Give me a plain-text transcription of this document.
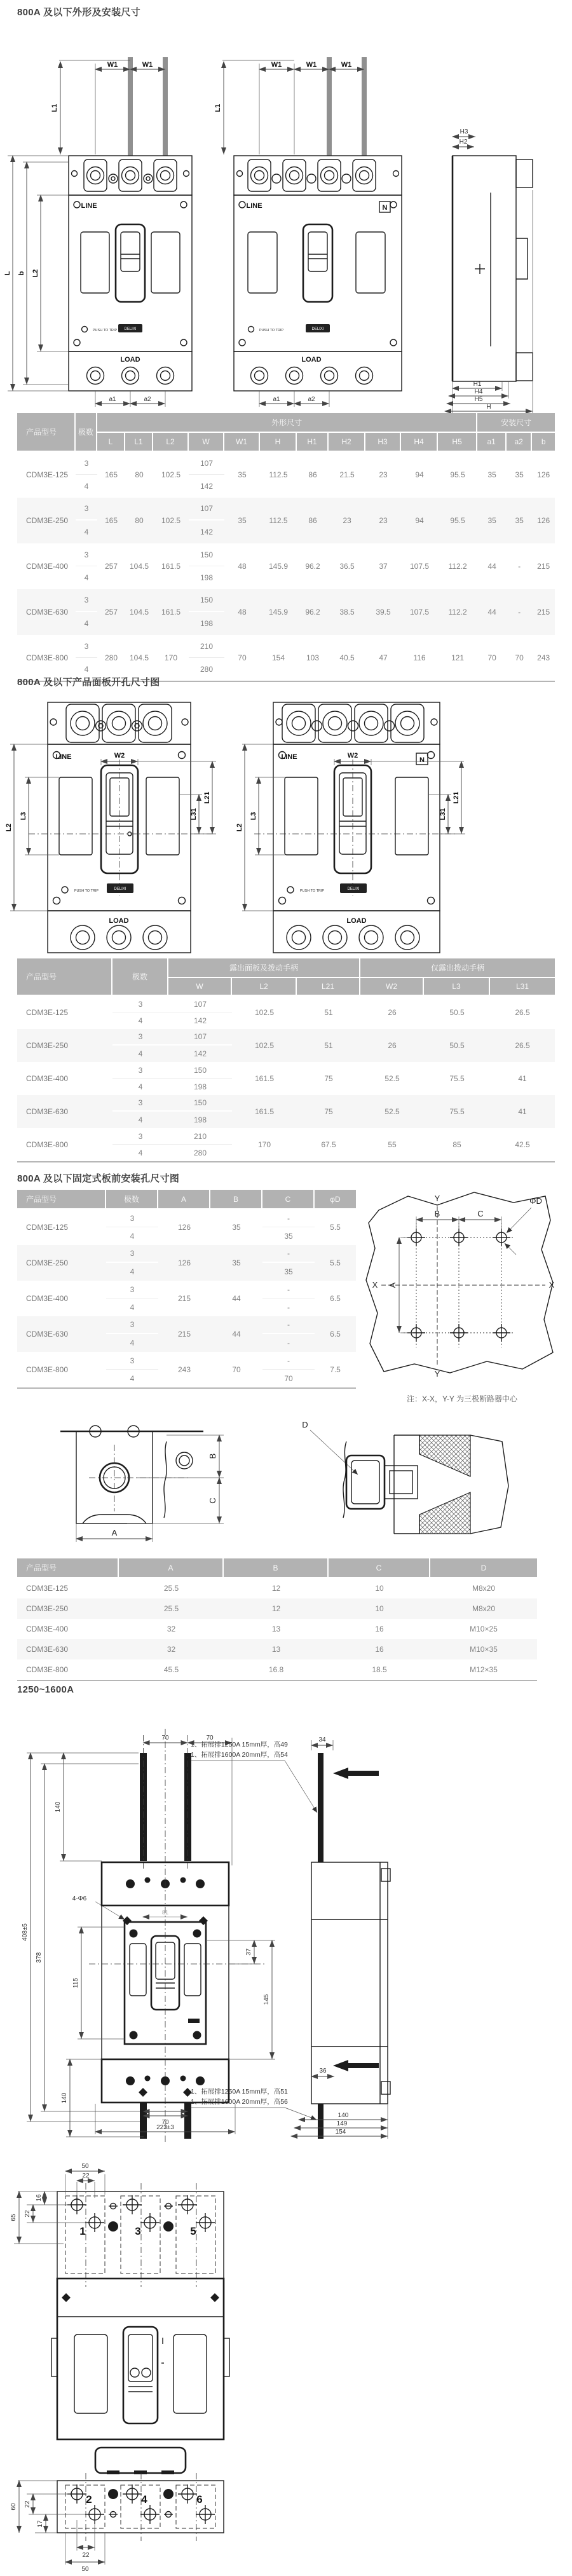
800A 及以下外形及安装尺寸
W1	W1
L1
LINE
PUSH TO TRIP DELIXI
LOAD
a1	a2
L b L2
W1	W1	W1
L1
LINE	N
PUSH TO TRIP	DELIXI
LOAD
a1	a2
H2
H3
H1
H4
H5
H
产品型号	极数	外形尺寸											安装尺寸		
		L	L1	L2	W	W1	H	H1	H2	H3	H4	H5	a1	a2	b
CDM3E-125	3	165	80	102.5	107	35	112.5	86	21.5	23	94	95.5	35	35	126
	4				142										
CDM3E-250	3	165	80	102.5	107	35	112.5	86	23	23	94	95.5	35	35	126
	4				142										
CDM3E-400	3	257	104.5	161.5	150	48	145.9	96.2	36.5	37	107.5	112.2	44	-	215
	4				198										
CDM3E-630	3	257	104.5	161.5	150	48	145.9	96.2	38.5	39.5	107.5	112.2	44	-	215
	4				198										
CDM3E-800	3	280	104.5	170	210	70	154	103	40.5	47	116	121	70	70	243
	4				280										
800A 及以下产品面板开孔尺寸图
LINE	W2
PUSH TO TRIP	DELIXI
LOAD
L2
L3	L31
L21
LINE	N
W2
PUSH TO TRIP	DELIXI
LOAD
L2
L3	L31
L21
产品型号	极数	露出面板及拨动手柄			仅露出拨动手柄		
		W	L2	L21	W2	L3	L31
CDM3E-125	3	107	102.5	51	26	50.5	26.5
	4	142					
CDM3E-250	3	107	102.5	51	26	50.5	26.5
	4	142					
CDM3E-400	3	150	161.5	75	52.5	75.5	41
	4	198					
CDM3E-630	3	150	161.5	75	52.5	75.5	41
	4	198					
CDM3E-800	3	210	170	67.5	55	85	42.5
	4	280					
800A 及以下固定式板前安装孔尺寸图
产品型号	极数	A	B	C	φD
CDM3E-125	3	126	35	-	5.5
	4			35	
CDM3E-250	3	126	35	-	5.5
	4			35	
CDM3E-400	3	215	44	-	6.5
	4			-	
CDM3E-630	3	215	44	-	6.5
	4			-	
CDM3E-800	3	243	70	-	7.5
	4			70	
A
B	C
ΦD
Y
Y
X	X
注：X-X，Y-Y 为三极断路器中心
B
C
A
D
产品型号	A	B	C	D
CDM3E-125	25.5	12	10	M8x20
CDM3E-250	25.5	12	10	M8x20
CDM3E-400	32	13	16	M10×25
CDM3E-630	32	13	16	M10×35
CDM3E-800	45.5	16.8	18.5	M12×35
1250~1600A
70	70
140
4-Φ6
81
408±5
378
115
37
145
70
140
223±3
34
36
1、拓展排1250A 15mm厚，高49
1、拓展排1600A 20mm厚，高54
1、拓展排1250A 15mm厚，高51
1、拓展排1600A 20mm厚，高56
140
149
154
1	3	5
50
22
16
22
65
2	4	6
60 22
17
22
50
